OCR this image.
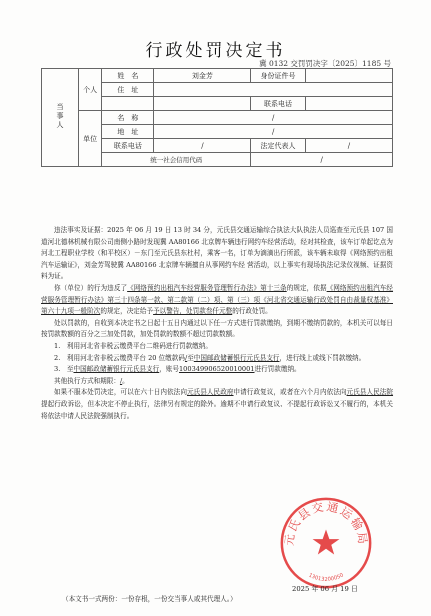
行政处罚决定书
冀 0132 交罚罚决字〔2025〕1185 号
当事人	个人	姓　名	刘金芳	身份证件号	
		住　址			
				联系电话	
	单位	名　称	/		
		地　址	/		
		联系电话	/	法定代表人	/
		统一社会信用代码		/	

违法事实及证据：2025 年 06 月 19 日 13 时 34 分，元氏县交通运输综合执法大队执法人员巡查至元氏县 107 国道河北德林机械有限公司南侧小路时发现冀 AA80166 北京牌车辆违行网约车经营活动，经对其检查，该车订单起讫点为河北工程职业学校（和平校区）－东门至元氏县东杜村，乘客一名，订单为滴滴出行所派，该车辆未取得《网络预约出租汽车运输证》，刘金芳驾驶冀 AA80166 北京牌车辆擅自从事网约车经 营活动，以上事实有现场执法记录仪视频、证据资料为证。

你（单位）的行为违反了《网络预约出租汽车经营服务管理暂行办法》第十三条的规定，依据《网络预约出租汽车经营服务管理暂行办法》第三十四条第一款、第二款第（二）项、第（三）项《河北省交通运输行政处罚自由裁量权基准》第六十九项一般阶次的规定，决定给予予以警告，处罚款叁仟元整的行政处罚。

处以罚款的，自收到本决定书之日起十五日内通过以下任一方式进行罚款缴纳，到期不缴纳罚款的，本机关可以每日按罚款数额的百分之三加处罚款，加处罚款的数额不超过罚款数额。

1.　利用河北省非税云缴费平台二维码进行罚款缴纳。

2.　利用河北省非税云缴费平台 20 位缴款码/至中国邮政储蓄银行元氏县支行，进行线上或线下罚款缴纳。

3.　至中国邮政储蓄银行元氏县支行，账号100349906520010001进行罚款缴纳。

其他执行方式和期限：/。

如果不服本处罚决定，可以在六十日内依法向元氏县人民政府申请行政复议，或者在六个月内依法向元氏县人民法院提起行政诉讼，但本决定不停止执行，法律另有规定的除外。逾期不申请行政复议、不提起行政诉讼又不履行的，本机关将依法申请人民法院强制执行。

元氏县交通运输局
13013200050
2025 年 06 月 19 日
（本文书一式两份：一份存根，一份交当事人或其代理人。）
